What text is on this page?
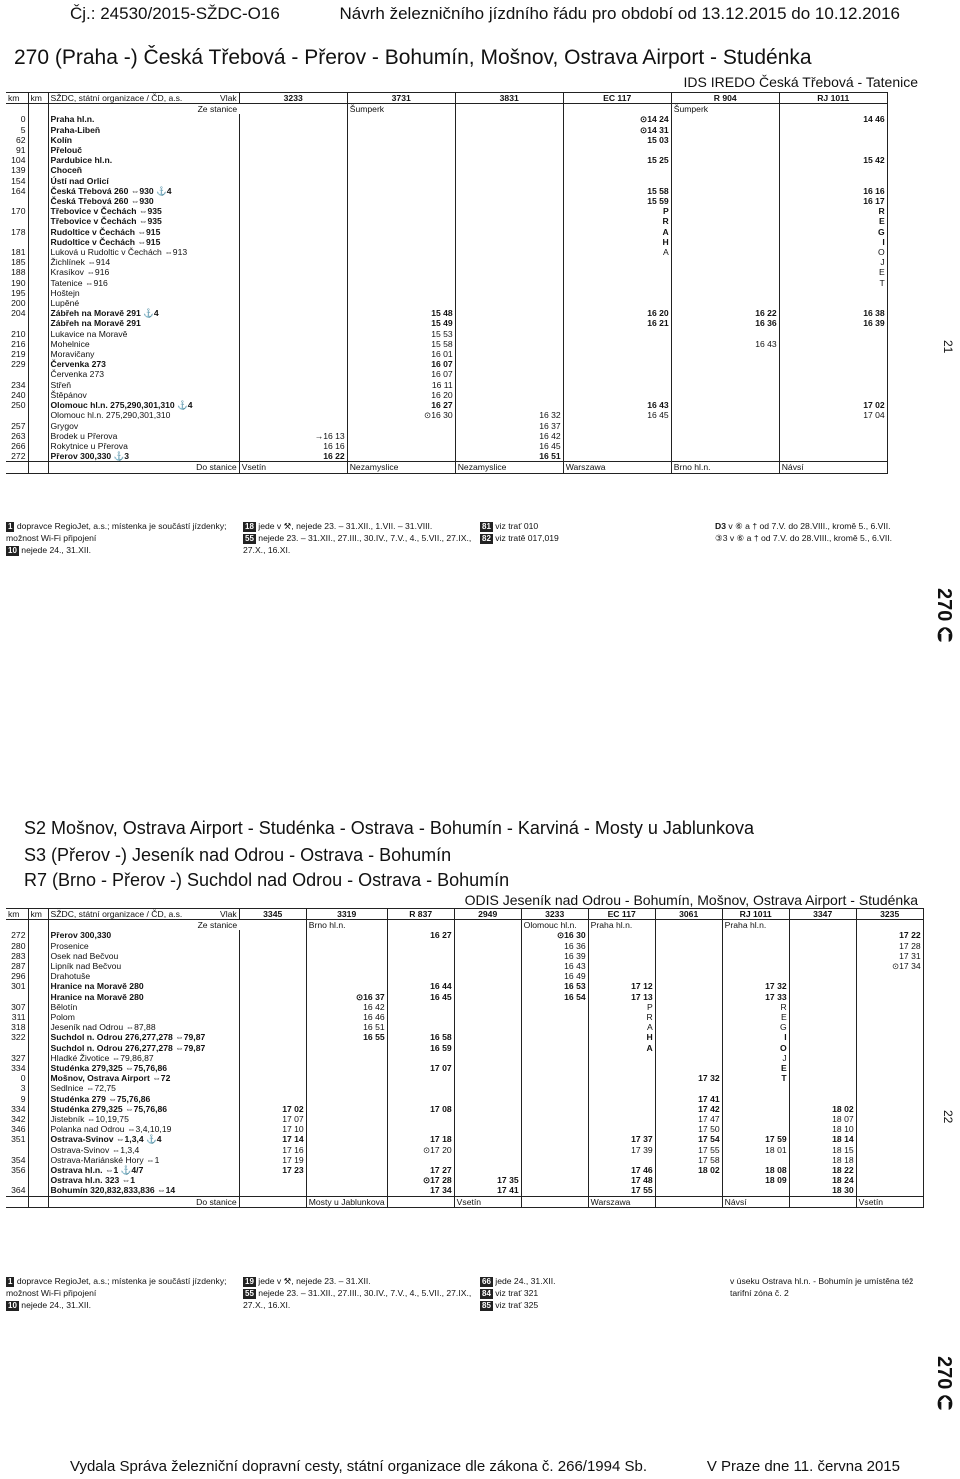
Čj.: 24530/2015-SŽDC-O16	Návrh železničního jízdního řádu pro období od 13.12.2015 do 10.12.2016
270 (Praha -) Česká Třebová - Přerov - Bohumín, Mošnov, Ostrava Airport - Studénka
IDS IREDO Česká Třebová - Tatenice
1 dopravce RegioJet, a.s.; místenka je součástí jízdenky; možnost Wi-Fi připojení
10 nejede 24., 31.XII.
18 jede v ⚒, nejede 23. – 31.XII., 1.VII. – 31.VIII.
55 nejede 23. – 31.XII., 27.III., 30.IV., 7.V., 4., 5.VII., 27.IX., 27.X., 16.XI.
81 viz trať 010
82 viz tratě 017,019
D3 v ⑥ a † od 7.V. do 28.VIII., kromě 5., 6.VII.
③3 v ⑥ a † od 7.V. do 28.VIII., kromě 5., 6.VII.
270 ⮈
21
S2 Mošnov, Ostrava Airport - Studénka - Ostrava - Bohumín - Karviná - Mosty u Jablunkova
S3 (Přerov -) Jeseník nad Odrou - Ostrava - Bohumín
R7 (Brno - Přerov -) Suchdol nad Odrou - Ostrava - Bohumín
ODIS Jeseník nad Odrou - Bohumín, Mošnov, Ostrava Airport - Studénka
1 dopravce RegioJet, a.s.; místenka je součástí jízdenky; možnost Wi-Fi připojení
10 nejede 24., 31.XII.
19 jede v ⚒, nejede 23. – 31.XII.
55 nejede 23. – 31.XII., 27.III., 30.IV., 7.V., 4., 5.VII., 27.IX., 27.X., 16.XI.
66 jede 24., 31.XII.
84 viz trať 321
85 viz trať 325
v úseku Ostrava hl.n. - Bohumín je umístěna též tarifní zóna č. 2
270 ⮈
22
Vydala Správa železniční dopravní cesty, státní organizace dle zákona č. 266/1994 Sb.	V Praze dne 11. června 2015
km	km	SŽDC, státní organizace / ČD, a.s.	Vlak	3233	3731	3831	EC 117	R 904	RJ 1011
		Ze stanice			Šumperk			Šumperk	
0		Praha hl.n.					⊙14 24		14 46
5		Praha-Libeň					⊙14 31		
62		Kolín					15 03		
91		Přelouč							
104		Pardubice hl.n.					15 25		15 42
139		Choceň							
154		Ústí nad Orlicí							
164		Česká Třebová 260 ⇔930 ⚓4					15 58		16 16
		Česká Třebová 260 ⇔930					15 59		16 17
170		Třebovice v Čechách ⇔935					P		R
		Třebovice v Čechách ⇔935					R		E
178		Rudoltice v Čechách ⇔915					A		G
		Rudoltice v Čechách ⇔915					H		I
181		Luková u Rudoltic v Čechách ⇔913					A		O
185		Žichlínek ⇔914							J
188		Krasíkov ⇔916							E
190		Tatenice ⇔916							T
195		Hoštejn							
200		Lupěné							
204		Zábřeh na Moravě 291 ⚓4			15 48		16 20	16 22	16 38
		Zábřeh na Moravě 291			15 49		16 21	16 36	16 39
210		Lukavice na Moravě			15 53				
216		Mohelnice			15 58			16 43	
219		Moravičany			16 01				
229		Červenka 273			16 07				
		Červenka 273			16 07				
234		Střeň			16 11				
240		Štěpánov			16 20				
250		Olomouc hl.n. 275,290,301,310 ⚓4			16 27		16 43		17 02
		Olomouc hl.n. 275,290,301,310			⊙16 30	16 32	16 45		17 04
257		Grygov				16 37			
263		Brodek u Přerova		→16 13		16 42			
266		Rokytnice u Přerova		16 16		16 45			
272		Přerov 300,330 ⚓3		16 22		16 51			
		Do stanice		Vsetín	Nezamyslice	Nezamyslice	Warszawa	Brno hl.n.	Návsí
km	km	SŽDC, státní organizace / ČD, a.s.	Vlak	3345	3319	R 837	2949	3233	EC 117	3061	RJ 1011	3347	3235
		Ze stanice			Brno hl.n.			Olomouc hl.n.	Praha hl.n.		Praha hl.n.		
272		Přerov 300,330				16 27		⊙16 30					17 22
280		Prosenice						16 36					17 28
283		Osek nad Bečvou						16 39					17 31
287		Lipník nad Bečvou						16 43					⊙17 34
296		Drahotuše						16 49					
301		Hranice na Moravě 280				16 44		16 53	17 12		17 32		
		Hranice na Moravě 280			⊙16 37	16 45		16 54	17 13		17 33		
307		Bělotín			16 42				P		R		
311		Polom			16 46				R		E		
318		Jeseník nad Odrou ⇔87,88			16 51				A		G		
322		Suchdol n. Odrou 276,277,278 ⇔79,87			16 55	16 58			H		I		
		Suchdol n. Odrou 276,277,278 ⇔79,87				16 59			A		O		
327		Hladké Životice ⇔79,86,87									J		
334		Studénka 279,325 ⇔75,76,86				17 07					E		
0		Mošnov, Ostrava Airport ⇔72								17 32	T		
3		Sedlnice ⇔72,75											
9		Studénka 279 ⇔75,76,86								17 41			
334		Studénka 279,325 ⇔75,76,86		17 02		17 08				17 42		18 02	
342		Jistebník ⇔10,19,75		17 07						17 47		18 07	
346		Polanka nad Odrou ⇔3,4,10,19		17 10						17 50		18 10	
351		Ostrava-Svinov ⇔1,3,4 ⚓4		17 14		17 18			17 37	17 54	17 59	18 14	
		Ostrava-Svinov ⇔1,3,4		17 16		⊙17 20			17 39	17 55	18 01	18 15	
354		Ostrava-Mariánské Hory ⇔1		17 19						17 58		18 18	
356		Ostrava hl.n. ⇔1 ⚓4/7		17 23		17 27			17 46	18 02	18 08	18 22	
		Ostrava hl.n. 323 ⇔1				⊙17 28	17 35		17 48		18 09	18 24	
364		Bohumín 320,832,833,836 ⇔14				17 34	17 41		17 55			18 30	
		Do stanice			Mosty u Jablunkova		Vsetín		Warszawa		Návsí		Vsetín
